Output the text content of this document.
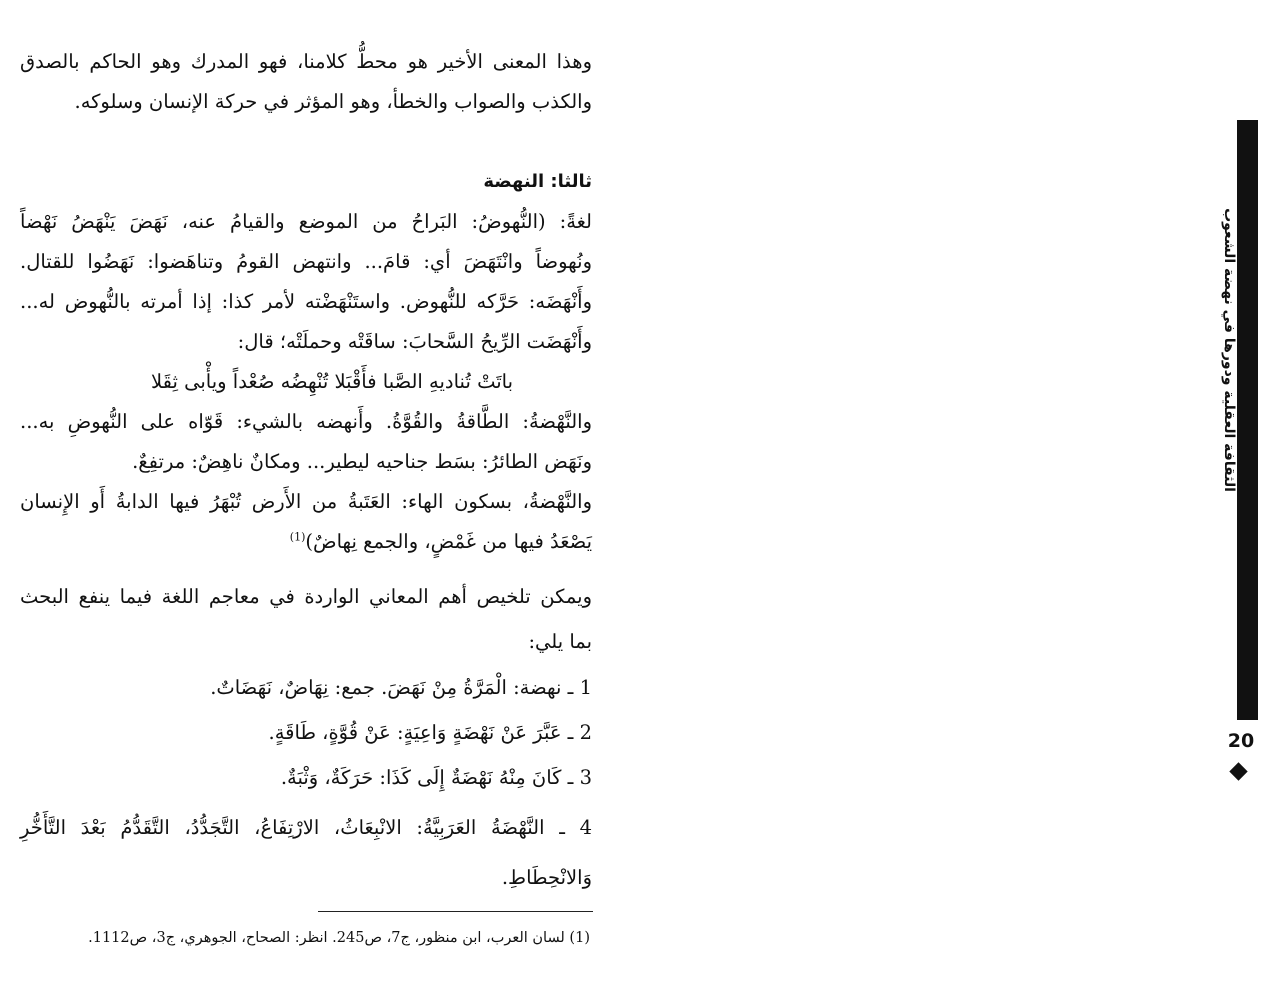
وهذا المعنى الأخير هو محطُّ كلامنا، فهو المدرك وهو الحاكم بالصدق
والكذب والصواب والخطأ، وهو المؤثر في حركة الإنسان وسلوكه.
ثالثا: النهضة
لغةً: (النُّهوضُ: البَراحُ من الموضع والقيامُ عنه، نَهَضَ يَنْهَضُ نَهْضاً
ونُهوضاً وانْتَهَضَ أي: قامَ... وانتهض القومُ وتناهَضوا: نَهَضُوا للقتال.
وأَنْهَضَه: حَرَّكه للنُّهوض. واستَنْهَضْته لأمر كذا: إذا أمرته بالنُّهوض له...
وأَنْهَضَت الرِّيحُ السَّحابَ: ساقَتْه وحملَتْه؛ قال:
باتَتْ تُناديهِ الصَّبا فأَقْبَلا تُنْهِضُه صُعْداً ويأْبى ثِقَلا
والنَّهْضةُ: الطَّاقةُ والقُوَّةُ. وأَنهضه بالشيء: قَوّاه على النُّهوضِ به...
ونَهَض الطائرُ: بسَط جناحيه ليطير... ومكانٌ ناهِضٌ: مرتفِعٌ.
والنَّهْضةُ، بسكون الهاء: العَتَبةُ من الأَرض تُبْهَرُ فيها الدابةُ أَو الإِنسان
يَصْعَدُ فيها من غَمْضٍ، والجمع نِهاضٌ)$^{(1)}$
ويمكن تلخيص أهم المعاني الواردة في معاجم اللغة فيما ينفع البحث
بما يلي:
1 ـ نهضة: الْمَرَّةُ مِنْ نَهَضَ. جمع: نِهَاضٌ، نَهَضَاتٌ.
2 ـ عَبَّرَ عَنْ نَهْضَةٍ وَاعِيَةٍ: عَنْ قُوَّةٍ، طَاقَةٍ.
3 ـ كَانَ مِنْهُ نَهْضَةٌ إِلَى كَذَا: حَرَكَةٌ، وَثْبَةٌ.
4 ـ النَّهْضَةُ العَرَبِيَّةُ: الانْبِعَاثُ، الارْتِفَاعُ، التَّجَدُّدُ، التَّقَدُّمُ بَعْدَ التَّأَخُّرِ
وَالانْحِطَاطِ.
(1) لسان العرب، ابن منظور، ج7، ص245. انظر: الصحاح، الجوهري، ج3، ص1112.
الثقافة العقلية ودورها في نهضة الشعوب
20
